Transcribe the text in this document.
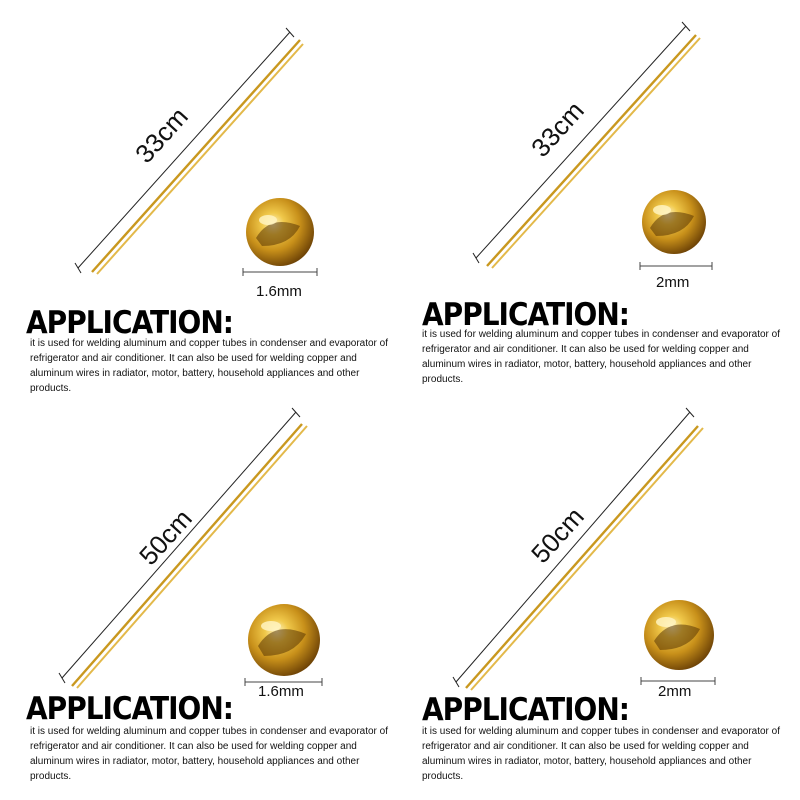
33cm
1.6mm
APPLICATION:
it is used for welding aluminum and copper tubes in condenser and evaporator of refrigerator and air conditioner. It can also be used for welding copper and aluminum wires in radiator, motor, battery, household appliances and other products.
33cm
2mm
APPLICATION:
it is used for welding aluminum and copper tubes in condenser and evaporator of refrigerator and air conditioner. It can also be used for welding copper and aluminum wires in radiator, motor, battery, household appliances and other products.
50cm
1.6mm
APPLICATION:
it is used for welding aluminum and copper tubes in condenser and evaporator of refrigerator and air conditioner. It can also be used for welding copper and aluminum wires in radiator, motor, battery, household appliances and other products.
50cm
2mm
APPLICATION:
it is used for welding aluminum and copper tubes in condenser and evaporator of refrigerator and air conditioner. It can also be used for welding copper and aluminum wires in radiator, motor, battery, household appliances and other products.
